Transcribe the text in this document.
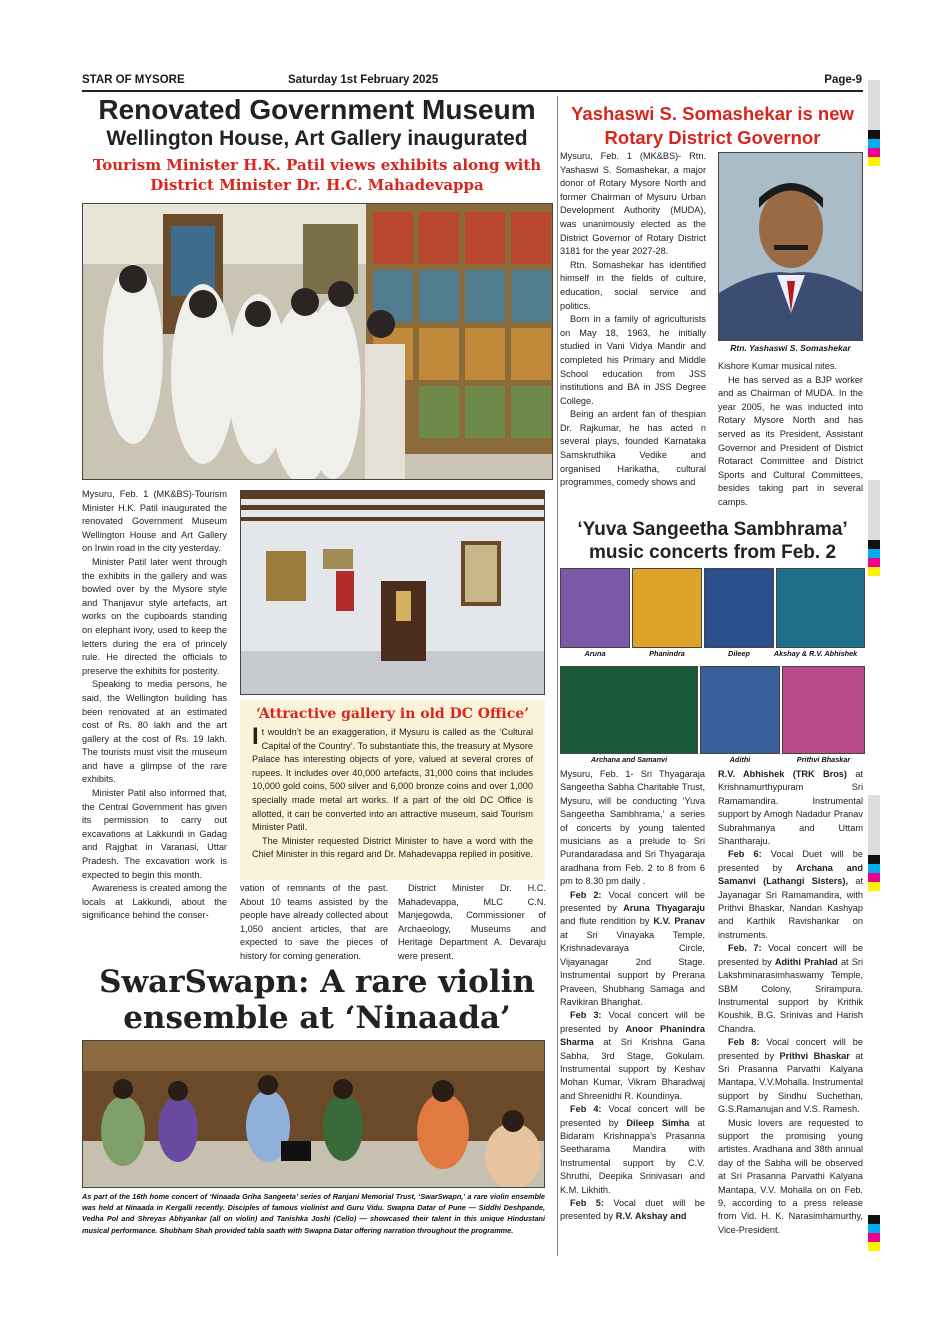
STAR OF MYSORE	Saturday 1st February 2025	Page-9
Renovated Government Museum
Wellington House, Art Gallery inaugurated
Tourism Minister H.K. Patil views exhibits along with District Minister Dr. H.C. Mahadevappa

Mysuru, Feb. 1 (MK&BS)-Tourism Minister H.K. Patil inaugurated the renovated Government Museum Wellington House and Art Gallery on Irwin road in the city yesterday.

Minister Patil later went through the exhibits in the gallery and was bowled over by the Mysore style and Thanjavur style artefacts, art works on the cupboards standing on elephant ivory, used to keep the letters during the era of princely rule. He directed the officials to preserve the exhibits for posterity.

Speaking to media persons, he said, the Wellington building has been renovated at an estimated cost of Rs. 80 lakh and the art gallery at the cost of Rs. 19 lakh. The tourists must visit the museum and have a glimpse of the rare exhibits.

Minister Patil also informed that, the Central Government has given its permission to carry out excavations at Lakkundi in Gadag and Rajghat in Varanasi, Uttar Pradesh. The excavation work is expected to begin this month.

Awareness is created among the locals at Lakkundi, about the significance behind the conser-

‘Attractive gallery in old DC Office’
It wouldn’t be an exaggeration, if Mysuru is called as the ‘Cultural Capital of the Country’. To substantiate this, the treasury at Mysore Palace has interesting objects of yore, valued at several crores of rupees. It includes over 40,000 artefacts, 31,000 coins that includes 10,000 gold coins, 500 silver and 6,000 bronze coins and over 1,000 specially made metal art works. If a part of the old DC Office is allotted, it can be converted into an attractive museum, said Tourism Minister Patil.

The Minister requested District Minister to have a word with the Chief Minister in this regard and Dr. Mahadevappa replied in positive.

vation of remnants of the past. About 10 teams assisted by the people have already collected about 1,050 ancient articles, that are expected to save the pieces of history for coming generation.

District Minister Dr. H.C. Mahadevappa, MLC C.N. Manjegowda, Commissioner of Archaeology, Museums and Heritage Department A. Devaraju were present.

SwarSwapn: A rare violin
ensemble at ‘Ninaada’
As part of the 16th home concert of ‘Ninaada Griha Sangeeta’ series of Ranjani Memorial Trust, ‘SwarSwapn,’ a rare violin ensemble was held at Ninaada in Kergalli recently. Disciples of famous violinist and Guru Vidu. Swapna Datar of Pune — Siddhi Deshpande, Vedha Pol and Shreyas Abhyankar (all on violin) and Tanishka Joshi (Cello) — showcased their talent in this unique Hindustani musical performance. Shubham Shah provided tabla saath with Swapna Datar offering narration throughout the programme.
Yashaswi S. Somashekar is new
Rotary District Governor

Mysuru, Feb. 1 (MK&BS)- Rtn. Yashaswi S. Somashekar, a major donor of Rotary Mysore North and former Chairman of Mysuru Urban Development Authority (MUDA), was unanimously elected as the District Governor of Rotary District 3181 for the year 2027-28.

Rtn. Somashekar has identified himself in the fields of culture, education, social service and politics.

Born in a family of agriculturists on May 18, 1963, he initially studied in Vani Vidya Mandir and completed his Primary and Middle School education from JSS institutions and BA in JSS Degree College.

Being an ardent fan of thespian Dr. Rajkumar, he has acted n several plays, founded Karnataka Samskruthika Vedike and organised Harikatha, cultural programmes, comedy shows and

Rtn. Yashaswi S. Somashekar

Kishore Kumar musical nites.

He has served as a BJP worker and as Chairman of MUDA. In the year 2005, he was inducted into Rotary Mysore North and has served as its President, Assistant Governor and President of District Rotaract Committee and District Sports and Cultural Committees, besides taking part in several camps.

‘Yuva Sangeetha Sambhrama’
music concerts from Feb. 2
Aruna	Phanindra	Dileep	Akshay & R.V. Abhishek
Archana and Samanvi	Adithi	Prithvi Bhaskar

Mysuru, Feb. 1- Sri Thyagaraja Sangeetha Sabha Charitable Trust, Mysuru, will be conducting ‘Yuva Sangeetha Sambhrama,’ a series of concerts by young talented musicians as a prelude to Sri Purandaradasa and Sri Thyagaraja aradhana from Feb. 2 to 8 from 6 pm to 8.30 pm daily .

Feb 2: Vocal concert will be presented by Aruna Thyagaraju and flute rendition by K.V. Pranav at Sri Vinayaka Temple, Krishnadevaraya Circle, Vijayanagar 2nd Stage. Instrumental support by Prerana Praveen, Shubhang Samaga and Ravikiran Bharighat.

Feb 3: Vocal concert will be presented by Anoor Phanindra Sharma at Sri Krishna Gana Sabha, 3rd Stage, Gokulam. Instrumental support by Keshav Mohan Kumar, Vikram Bharadwaj and Shreenidhi R. Koundinya.

Feb 4: Vocal concert will be presented by Dileep Simha at Bidaram Krishnappa’s Prasanna Seetharama Mandira with Instrumental support by C.V. Shruthi, Deepika Srinivasan and K.M. Likhith.

Feb 5: Vocal duet will be presented by R.V. Akshay and

R.V. Abhishek (TRK Bros) at Krishnamurthypuram Sri Ramamandira. Instrumental support by Amogh Nadadur Pranav Subrahmanya and Uttam Shantharaju.

Feb 6: Vocal Duet will be presented by Archana and Samanvi (Lathangi Sisters), at Jayanagar Sri Ramamandira, with Prithvi Bhaskar, Nandan Kashyap and Karthik Ravishankar on instruments.

Feb. 7: Vocal concert will be presented by Adithi Prahlad at Sri Lakshminarasimhaswamy Temple, SBM Colony, Srirampura. Instrumental support by Krithik Koushik, B.G. Srinivas and Harish Chandra.

Feb 8: Vocal concert will be presented by Prithvi Bhaskar at Sri Prasanna Parvathi Kalyana Mantapa, V.V.Mohalla. Instrumental support by Sindhu Suchethan, G.S.Ramanujan and V.S. Ramesh.

Music lovers are requested to support the promising young artistes. Aradhana and 38th annual day of the Sabha will be observed at Sri Prasanna Parvathi Kalyana Mantapa, V.V. Mohalla on on Feb. 9, according to a press release from Vid. H. K. Narasimhamurthy, Vice-President.
